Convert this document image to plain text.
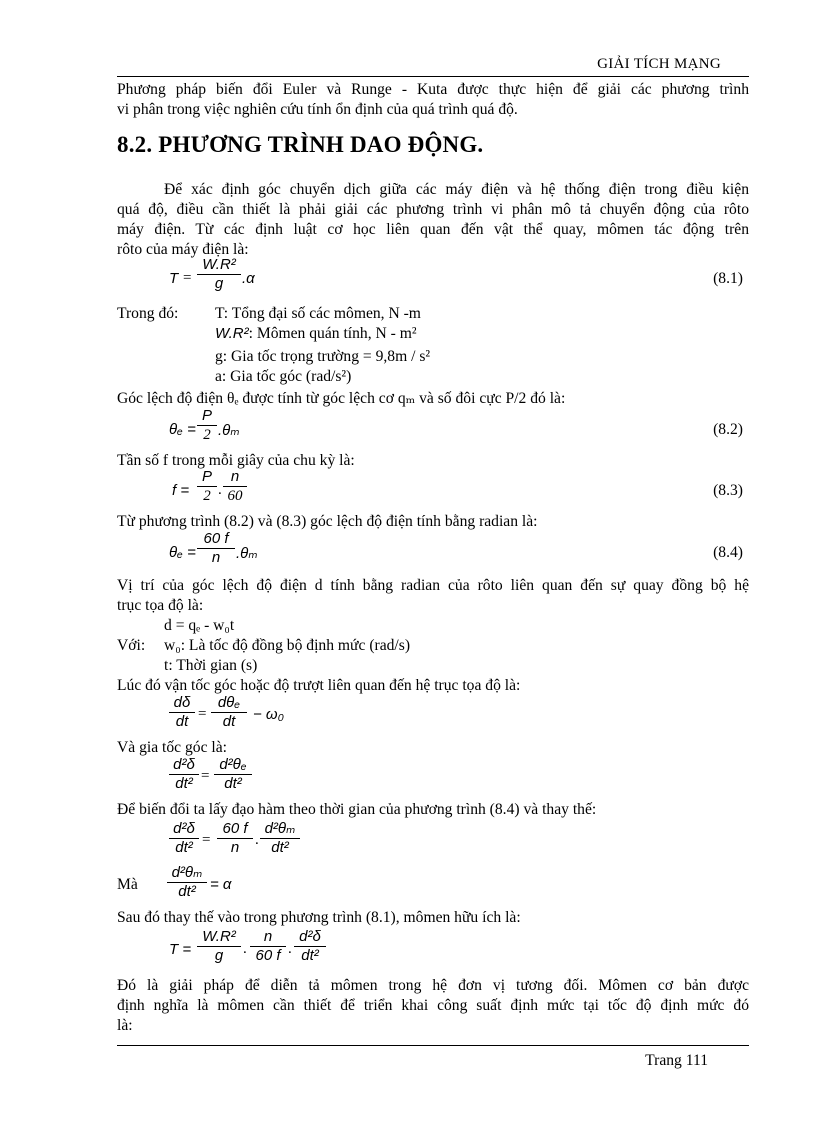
GIẢI TÍCH MẠNG
Phương pháp biến đổi Euler và Runge - Kuta được thực hiện để giải các phương trình
vi phân trong việc nghiên cứu tính ổn định của quá trình quá độ.
8.2. PHƯƠNG TRÌNH DAO ĐỘNG.
Để xác định góc chuyển dịch giữa các máy điện và hệ thống điện trong điều kiện
quá độ, điều cần thiết là phải giải các phương trình vi phân mô tả chuyển động của rôto
máy điện. Từ các định luật cơ học liên quan đến vật thể quay, mômen tác động trên
rôto của máy điện là:
$T = \frac{\text{W.R²}}{g} .\alpha$	(8.1)
Trong đó:	T: Tổng đại số các mômen, N -m
W.R²: Mômen quán tính, N - m²
g: Gia tốc trọng trường = 9,8m / s²
a: Gia tốc góc (rad/s²)
Góc lệch độ điện θₑ được tính từ góc lệch cơ qₘ và số đôi cực P/2 đó là:
$\theta_e = \frac{P}{2} .\theta_m$	(8.2)
Tần số f trong mỗi giây của chu kỳ là:
$f = \frac{P}{2}$ . $\frac{n}{60}$	(8.3)
Từ phương trình (8.2) và (8.3) góc lệch độ điện tính bằng radian là:
$\theta_e = \frac{60 f}{n} .\theta_m$	(8.4)
Vị trí của góc lệch độ điện d tính bằng radian của rôto liên quan đến sự quay đồng bộ hệ
trục tọa độ là:
d = qₑ - w₀t
Với:	w₀: Là tốc độ đồng bộ định mức (rad/s)
t: Thời gian (s)
Lúc đó vận tốc góc hoặc độ trượt liên quan đến hệ trục tọa độ là:
$\frac{d\delta}{dt}$ =
dθₑ
dt	− ω₀
Và gia tốc góc là:
$\frac{\text{d²δ}}{\text{dt²}} = \frac{\text{d²θₑ}}{\text{dt²}}$
Để biến đổi ta lấy đạo hàm theo thời gian của phương trình (8.4) và thay thế:
$\frac{\text{d²δ}}{\text{dt²}} = \frac{60 f}{n}$ . $\frac{\text{d²θₘ}}{\text{dt²}}$
Mà $\frac{\text{d²θₘ}}{\text{dt²}} = \alpha$
Sau đó thay thế vào trong phương trình (8.1), mômen hữu ích là:
$T = \frac{\text{W.R²}}{g}$ . $\frac{n}{60 f}$ . $\frac{\text{d²δ}}{\text{dt²}}$
Đó là giải pháp để diễn tả mômen trong hệ đơn vị tương đối. Mômen cơ bản được
định nghĩa là mômen cần thiết để triển khai công suất định mức tại tốc độ định mức đó
là:
Trang 111
